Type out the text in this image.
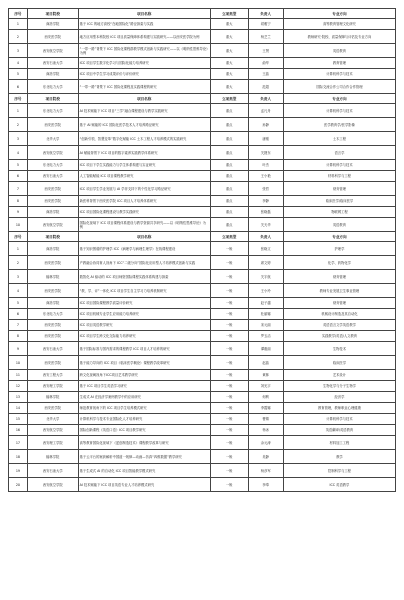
序号	项目院校	项目名称	立项类型	负责人	专业方向
1	商洛学院	基于 ICC 的地方高校“在地国际化”路径探索与实践	重大	叔雅宁	高等教育管理文化研究
2	西安医学院	地方应用型本科院校 ICC 项目质量保障体系构建与实践研究——以西安医学院为例	重大	杨芝兰	教师研究·院校、质量保障与评估及专业方向
3	西安航空学院	“一带一路”背景下 ICC 国际化课程群教学模式创新与实践研究——以《明纳性思维导论》为例	重大	王贤	英语教育
4	西安石油大学	ICC 项目学生数字化学习与国际化能力培养研究	重大	俞华	教育管理
5	商洛学院	ICC 项目中学生学习成果评价与评价研究	重大	王晶	计算机科学与技术
6	东北电力大学	“一带一路”背景下 ICC 国际化课程及实践课程的研究	重大	范超	国际交流合作公司合作合作管理
序号	项目院校	项目名称	立项类型	负责人	专业方向
1	东北电力大学	AI 技术赋能下 ICC 项目“三学”融合课程建设与教学实践研究	重点	孟凡舟	计算机科学与技术
2	西安医学院	基于 AI 赋能的 ICC 国际化医学技术人才培养路径研究	重点	孙静	医学教育学/医学影像
3	北华大学	“创新引领，智慧变革”数字化赋能 ICC 土木工程人才培养模式的实践研究	重点	唐刚	土木工程
4	西安航空学院	AI 赋能背景下 ICC 项目的数字素养实践教学体系研究	重点	关捷东	语言学
5	东北电力大学	ICC 项目下学生实践能力与学生体系构建与实证研究	重点	叶杰	计算机科学与技术
6	西安石油大学	人工智能赋能 ICC 项目课程教学研究	重点	王小艳	材料科学与工程
7	西安医学院	ICC 项目学生学业发展与 AI 学伴支持下的个性化学习路径研究	重点	张哲	财务管理
8	西安医学院	新医科背景下西安医学院 ICC 项目人才培养体系研究	重点	李静	临床医学/临床医学
9	商洛学院	ICC 项目国际化课程建设与教学实践研究	重点	张晓磊	物联网工程
10	西安航空学院	国际化视域下 ICC 项目课程体系建设与教学资源共享研究——以《明纳性思维导论》为例	重点	关天华	英语教育
序号	项目院校	项目名称	立项类型	负责人	专业方向
1	商洛学院	基于知识图谱的护理学 ICC《病理学与病理生理学》在线课程建设	一般	张晓文	护理学
2	西安医学院	产教融合协同育人视角下 ICC“二级分向”国际化应用型人才培养模式创新与实践	一般	席文婷	化学、药物化学
3	榆林学院	数智化 AI 驱动的 ICC 项目师资国际课程实践体系构建与探索	一般	关宇航	财务管理
4	西安医学院	“教、学、评”一体化 ICC 项目学生自主学习力培养机制研究	一般	王小玲	教师专业发展卫生事业管理
5	商洛学院	ICC 项目国际课程教学质量评价研究	一般	赵子越	财务管理
6	东北电力大学	ICC 项目机械专业学生应用能力培养研究	一般	杜丽娜	机械设计制造及其自动化
7	西安医学院	ICC 项目英语教学研究	一般	宋元丽	英语语言文学英语教学
8	西安医学院	ICC 项目学生跨文化交际能力培养研究	一般	罗玉洁	实践教学/英语/人文教育
9	西安石油大学	基于国际标准与国内需求的课程教学 ICC 项目人才培养的研究	一般	谭惠丽	生物技术
10	西安医学院	基于能力导向的 ICC 项目《临床医学概论》课程教学改革研究	一般	赵晶	临床医学
11	西安工程大学	跨文化视阈视角下ICC项目艺术教学研究	一般	黄林	艺术设计
12	西安理工学院	基于 ICC 项目学生英语学习研究	一般	刘光宇	生物化学与分子生物学
13	榆林学院	生成式 AI 在经济学案例教学中的应用研究	一般	何利	经济学
14	西安医学院	师范教育视角下的 ICC 项目学生培养模式研究	一般	李霞娜	教育管理，教师职业心理健康
15	北华大学	计算机科学与技术专业国际化人才培养研究	一般	曹婧	计算机科学与技术
16	西安航空学院	国际创新课程《英语口语》ICC 项目教学研究	一般	杨冰	英语翻译/英语教育
17	西安理工学院	高等教育国际化视域下《逆创制造技术》课程教学改革与研究	一般	余元涛	材料加工工程
18	榆林学院	基于云平台的案套解析中国道一规律—动画—仿真“四维数据”教学研究	一般	吴静	教学
19	西安石油大学	基于生成式 AI 的自动化 ICC 项目智能教学模式研究	一般	杨彦军	控制科学与工程
20	西安航空学院	AI 技术赋能下 ICC 项目英语专业人才培养模式研究	一般	李奉	ICC 英语教学
